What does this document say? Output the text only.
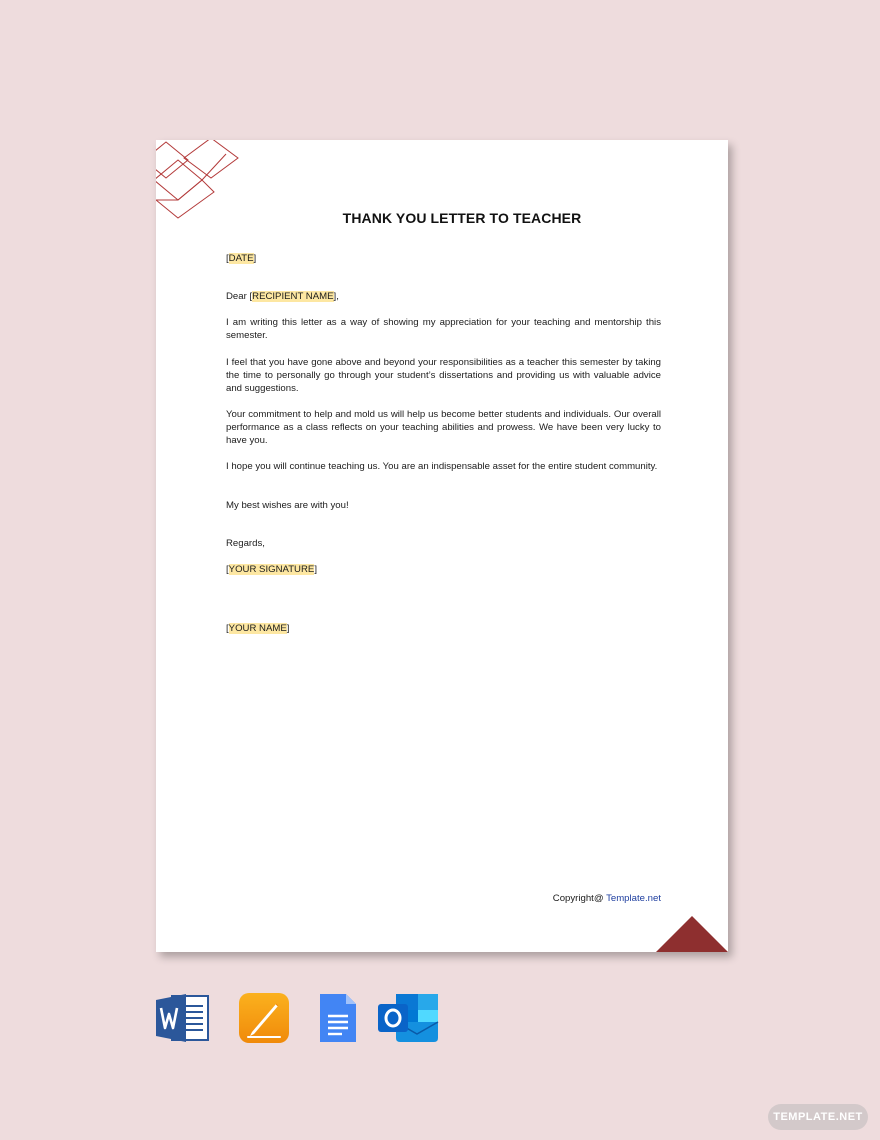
THANK YOU LETTER TO TEACHER
[DATE]
Dear [RECIPIENT NAME],
I am writing this letter as a way of showing my appreciation for your teaching and mentorship this semester.
I feel that you have gone above and beyond your responsibilities as a teacher this semester by taking the time to personally go through your student’s dissertations and providing us with valuable advice and suggestions.
Your commitment to help and mold us will help us become better students and individuals. Our overall performance as a class reflects on your teaching abilities and prowess. We have been very lucky to have you.
I hope you will continue teaching us. You are an indispensable asset for the entire student community.
My best wishes are with you!
Regards,
[YOUR SIGNATURE]
[YOUR NAME]
Copyright@ Template.net
TEMPLATE.NET
